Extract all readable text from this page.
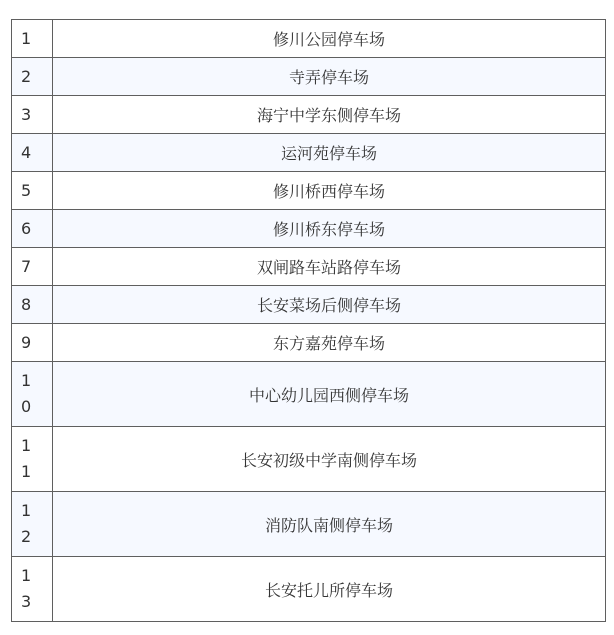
1	修川公园停车场

2	寺弄停车场

3	海宁中学东侧停车场

4	运河苑停车场

5	修川桥西停车场

6	修川桥东停车场

7	双闸路车站路停车场

8	长安菜场后侧停车场

9	东方嘉苑停车场

10	中心幼儿园西侧停车场

11	长安初级中学南侧停车场

12	消防队南侧停车场

13	长安托儿所停车场
